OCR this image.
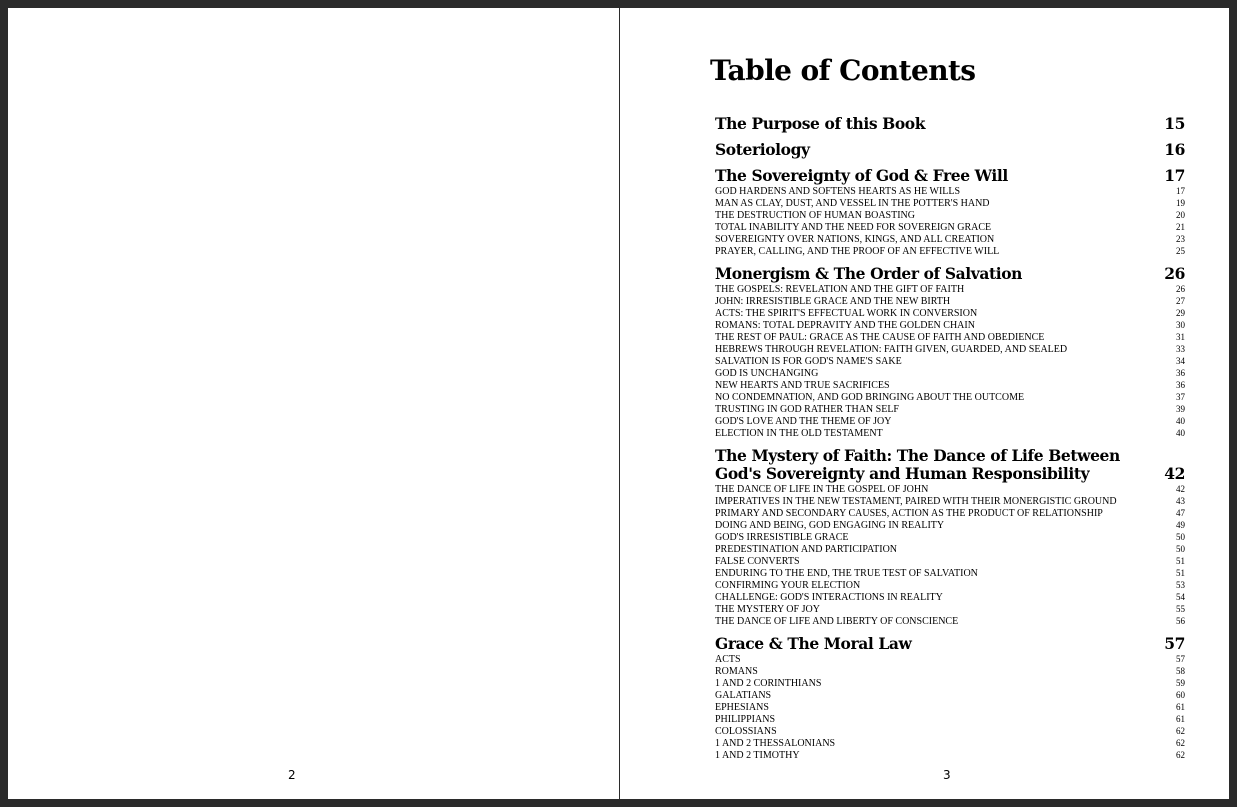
2
Table of Contents
The Purpose of this Book	15
Soteriology	16
The Sovereignty of God & Free Will	17
GOD HARDENS AND SOFTENS HEARTS AS HE WILLS	17
MAN AS CLAY, DUST, AND VESSEL IN THE POTTER'S HAND	19
THE DESTRUCTION OF HUMAN BOASTING	20
TOTAL INABILITY AND THE NEED FOR SOVEREIGN GRACE	21
SOVEREIGNTY OVER NATIONS, KINGS, AND ALL CREATION	23
PRAYER, CALLING, AND THE PROOF OF AN EFFECTIVE WILL	25
Monergism & The Order of Salvation	26
THE GOSPELS: REVELATION AND THE GIFT OF FAITH	26
JOHN: IRRESISTIBLE GRACE AND THE NEW BIRTH	27
ACTS: THE SPIRIT'S EFFECTUAL WORK IN CONVERSION	29
ROMANS: TOTAL DEPRAVITY AND THE GOLDEN CHAIN	30
THE REST OF PAUL: GRACE AS THE CAUSE OF FAITH AND OBEDIENCE	31
HEBREWS THROUGH REVELATION: FAITH GIVEN, GUARDED, AND SEALED	33
SALVATION IS FOR GOD'S NAME'S SAKE	34
GOD IS UNCHANGING	36
NEW HEARTS AND TRUE SACRIFICES	36
NO CONDEMNATION, AND GOD BRINGING ABOUT THE OUTCOME	37
TRUSTING IN GOD RATHER THAN SELF	39
GOD'S LOVE AND THE THEME OF JOY	40
ELECTION IN THE OLD TESTAMENT	40
The Mystery of Faith: The Dance of Life Between God's Sovereignty and Human Responsibility	42
THE DANCE OF LIFE IN THE GOSPEL OF JOHN	42
IMPERATIVES IN THE NEW TESTAMENT, PAIRED WITH THEIR MONERGISTIC GROUND	43
PRIMARY AND SECONDARY CAUSES, ACTION AS THE PRODUCT OF RELATIONSHIP	47
DOING AND BEING, GOD ENGAGING IN REALITY	49
GOD'S IRRESISTIBLE GRACE	50
PREDESTINATION AND PARTICIPATION	50
FALSE CONVERTS	51
ENDURING TO THE END, THE TRUE TEST OF SALVATION	51
CONFIRMING YOUR ELECTION	53
CHALLENGE: GOD'S INTERACTIONS IN REALITY	54
THE MYSTERY OF JOY	55
THE DANCE OF LIFE AND LIBERTY OF CONSCIENCE	56
Grace & The Moral Law	57
ACTS	57
ROMANS	58
1 AND 2 CORINTHIANS	59
GALATIANS	60
EPHESIANS	61
PHILIPPIANS	61
COLOSSIANS	62
1 AND 2 THESSALONIANS	62
1 AND 2 TIMOTHY	62
3
